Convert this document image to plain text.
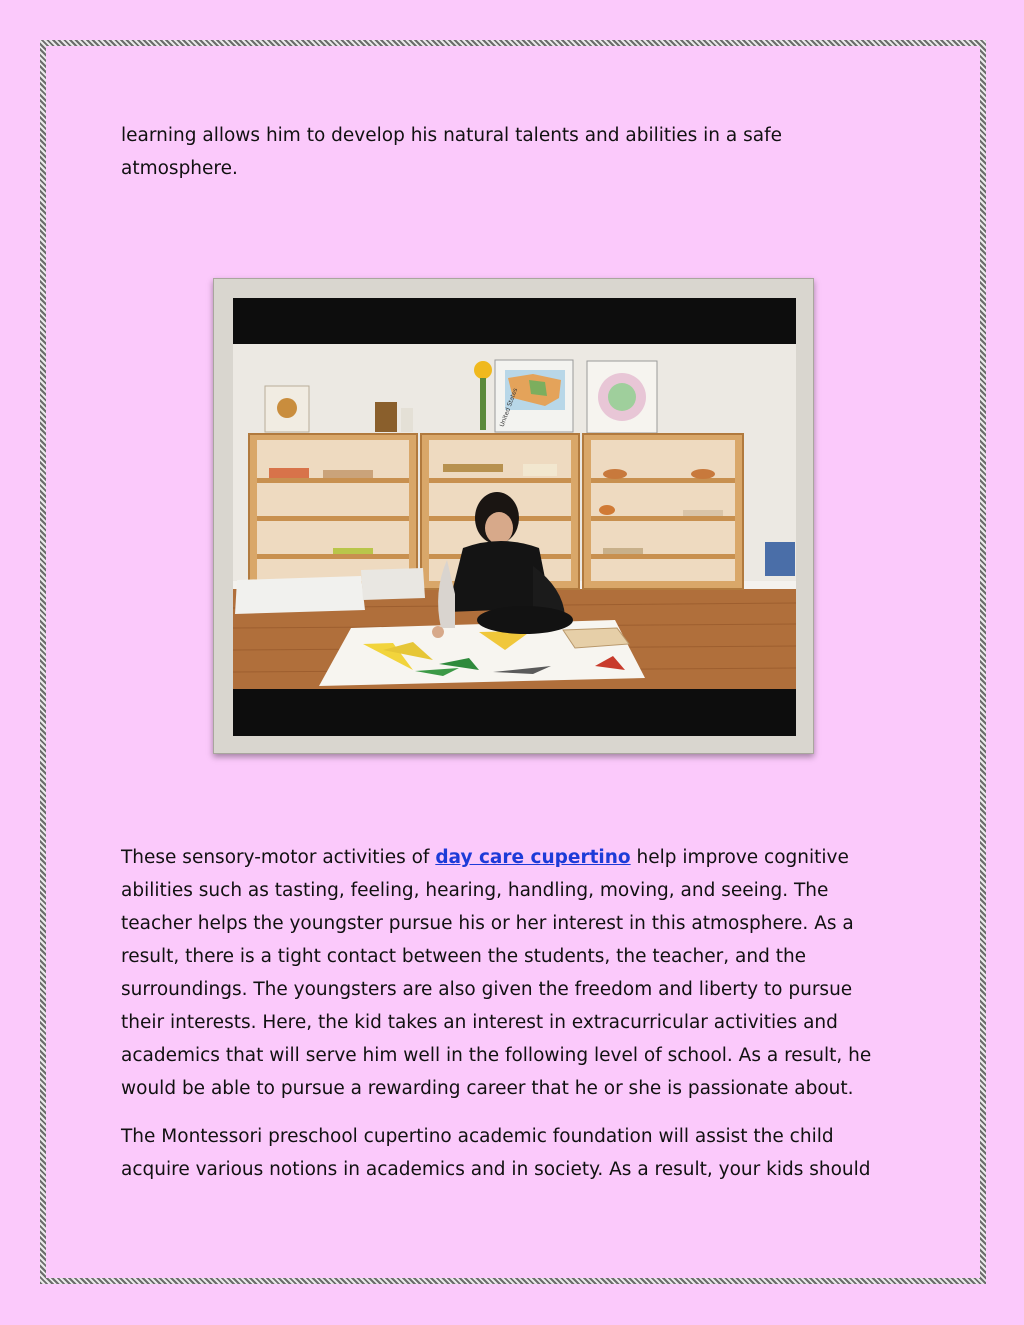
learning allows him to develop his natural talents and abilities in a safe atmosphere.

United States

These sensory-motor activities of day care cupertino help improve cognitive abilities such as tasting, feeling, hearing, handling, moving, and seeing. The teacher helps the youngster pursue his or her interest in this atmosphere. As a result, there is a tight contact between the students, the teacher, and the surroundings. The youngsters are also given the freedom and liberty to pursue their interests. Here, the kid takes an interest in extracurricular activities and academics that will serve him well in the following level of school. As a result, he would be able to pursue a rewarding career that he or she is passionate about.

The Montessori preschool cupertino academic foundation will assist the child acquire various notions in academics and in society. As a result, your kids should
